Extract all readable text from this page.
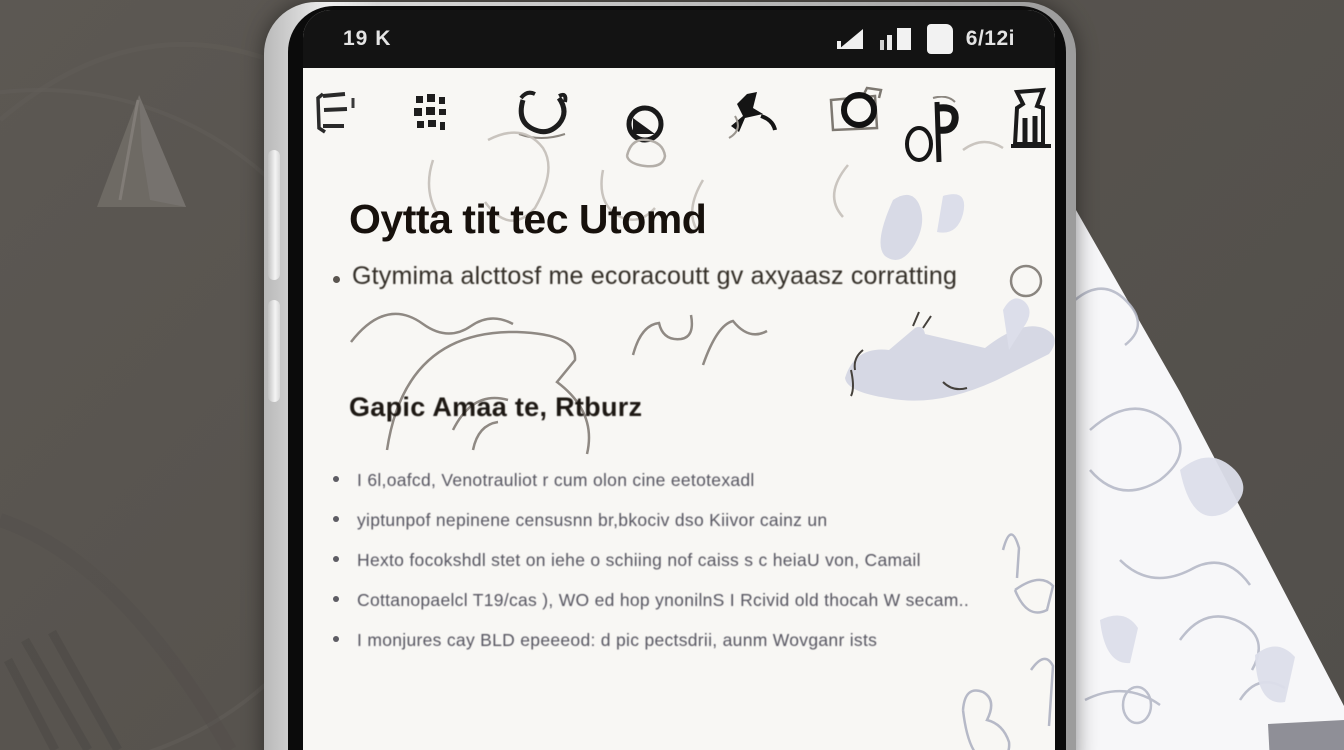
19 K	6/12i
Oytta tit tec Utomd
Gtymima alcttosf me ecoracoutt gv axyaasz corratting
Gapic Amaa te, Rtburz
I 6l,oafcd, Venotrauliot r cum olon cine eetotexadl
yiptunpof nepinene censusnn br,bkociv dso Kiivor cainz un
Hexto focokshdl stet on iehe o schiing nof caiss s c heiaU von, Camail
Cottanopaelcl T19/cas ), WO ed hop ynonilnS I Rcivid old thocah W secam..
I monjures cay BLD epeeeod: d pic pectsdrii, aunm Wovganr ists
